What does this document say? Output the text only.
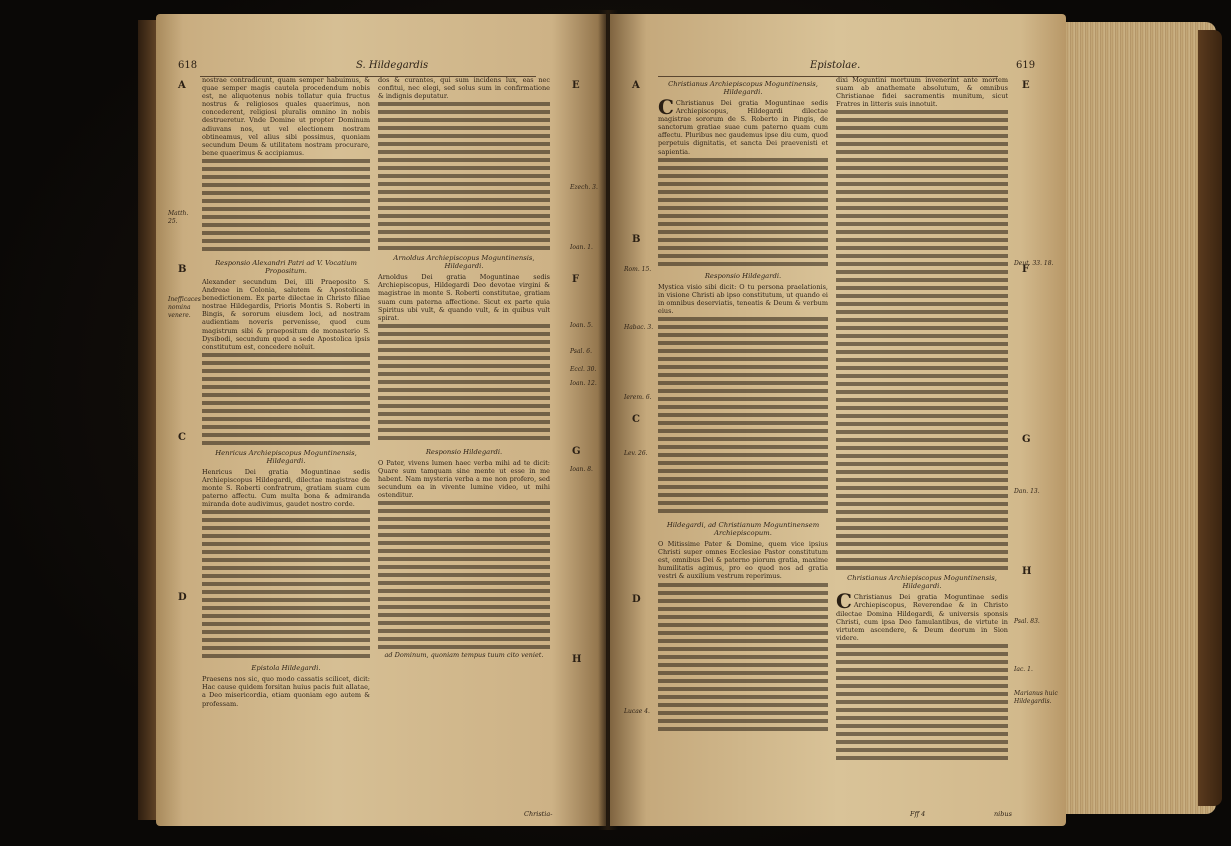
618	S. Hildegardis
A
B
C
D
E
F
G
H
Matth. 25.
Inefficaces nomina venere.
Ezech. 3.
Ioan. 1.
Ioan. 5.
Psal. 6.
Eccl. 30.
Ioan. 12.
Ioan. 8.

nostrae contradicunt, quam semper habuimus, & quae semper magis cautela procedendum nobis est, ne aliquotenus nobis tollatur quia fructus nostrus & religiosos quales quaerimus, non concederent, religiosi pluralis omnino in nobis destrueretur. Vnde Domine ut propter Dominum adiuvans nos, ut vel electionem nostram obtineamus, vel alius sibi possimus, quoniam secundum Deum & utilitatem nostram procurare, bene quaerimus & accipiamus.

Responsio Alexandri Patri ad V. Vocatium Propositum.

Alexander secundum Dei, illi Praeposito S. Andreae in Colonia, salutem & Apostolicam benedictionem. Ex parte dilectae in Christo filiae nostrae Hildegardis, Prioris Montis S. Roberti in Bingis, & sororum eiusdem loci, ad nostram audientiam noveris pervenisse, quod cum magistrum sibi & praepositum de monasterio S. Dysibodi, secundum quod a sede Apostolica ipsis constitutum est, concedere noluit.

Henricus Archiepiscopus Moguntinensis, Hildegardi.

Henricus Dei gratia Moguntinae sedis Archiepiscopus Hildegardi, dilectae magistrae de monte S. Roberti confratrum, gratiam suam cum paterno affectu. Cum multa bona & admiranda miranda dote audivimus, gaudet nostro corde.

Epistola Hildegardi.

Praesens nos sic, quo modo cassatis scilicet, dicit: Hac cause quidem forsitan huius pacis fuit allatae, a Deo misericordia, etiam quoniam ego autem & professam.

dos & curantes, qui sum incidens lux, eas nec confitui, nec elegi, sed solus sum in confirmatione & indignis deputatur.

Arnoldus Archiepiscopus Moguntinensis, Hildegardi.

Arnoldus Dei gratia Moguntinae sedis Archiepiscopus, Hildegardi Deo devotae virgini & magistrae in monte S. Roberti constitutae, gratiam suam cum paterna affectione. Sicut ex parte quia Spiritus ubi vult, & quando vult, & in quibus vult spirat.

Responsio Hildegardi.

O Pater, vivens lumen haec verba mihi ad te dicit: Quare sum tamquam sine mente ut esse in me habent. Nam mysteria verba a me non profero, sed secundum ea in vivente lumine video, ut mihi ostenditur.

ad Dominum, quoniam tempus tuum cito veniet.

Christia-
Epistolae.	619
A
B
C
D
E
F
G
H
Rom. 15.
Habac. 3.
Ierem. 6.
Lev. 26.
Dan. 13.
Lucae 4.
Deut. 33. 18.
Psal. 83.
Iac. 1.
Marianus huic Hildegardis.
Christianus Archiepiscopus Moguntinensis, Hildegardi.

C Christianus Dei gratia Moguntinae sedis Archiepiscopus, Hildegardi dilectae magistrae sororum de S. Roberto in Pingis, de sanctorum gratiae suae cum paterno quam cum affectu. Pluribus nec gaudemus ipse diu cum, quod perpetuis dignitatis, et sancta Dei praevenisti et sapientia.

Responsio Hildegardi.

Mystica visio sibi dicit: O tu persona praelationis, in visione Christi ab ipso constitutum, ut quando ei in omnibus deserviatis, teneatis & Deum & verbum eius.

Hildegardi, ad Christianum Moguntinensem Archiepiscopum.

O Mitissime Pater & Domine, quem vice ipsius Christi super omnes Ecclesiae Pastor constitutum est, omnibus Dei & paterno piorum gratia, maxime humilitatis agimus, pro eo quod nos ad gratia vestri & auxilium vestrum reperimus.

dixi Moguntini mortuum invenerint ante mortem suam ab anathemate absolutum, & omnibus Christianae fidei sacramentis munitum, sicut Fratres in litteris suis innotuit.

Christianus Archiepiscopus Moguntinensis, Hildegardi.

C Christianus Dei gratia Moguntinae sedis Archiepiscopus, Reverendae & in Christo dilectae Domina Hildegardi, & universis sponsis Christi, cum ipsa Deo famulantibus, de virtute in virtutem ascendere, & Deum deorum in Sion videre.

Fff 4	nibus
